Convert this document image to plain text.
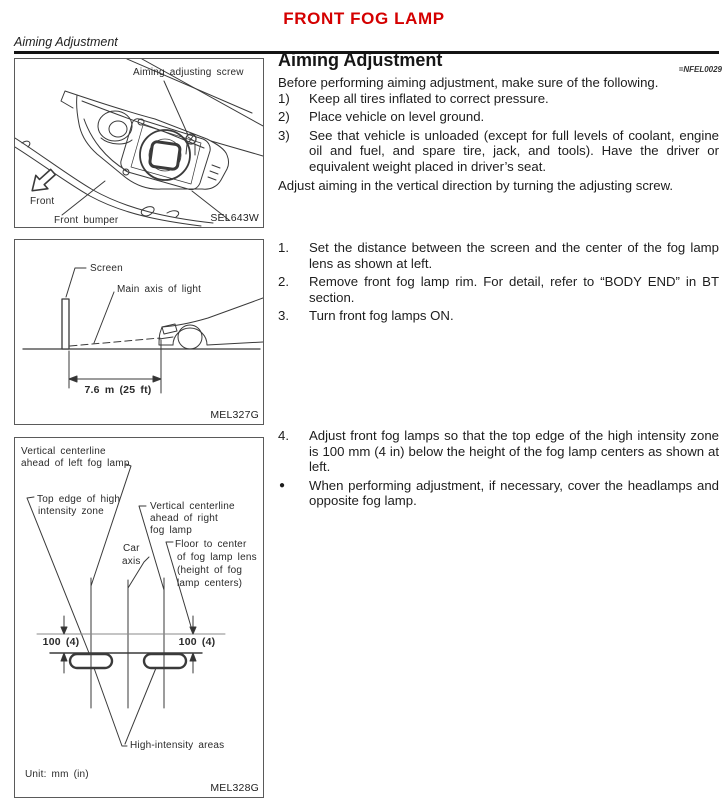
FRONT FOG LAMP
Aiming Adjustment
Aiming adjusting screw
Front
Front bumper	SEL643W
Screen
Main axis of light
7.6 m (25 ft)
MEL327G
Vertical centerline
ahead of left fog lamp
Top edge of high
intensity zone	Vertical centerline
ahead of right
fog lamp
Car
axis
Floor to center
of fog lamp lens
(height of fog
lamp centers)
100 (4)	100 (4)
High-intensity areas
Unit: mm (in)
MEL328G
Aiming Adjustment	=NFEL0029
Before performing aiming adjustment, make sure of the following.
1) Keep all tires inflated to correct pressure.
2) Place vehicle on level ground.
3) See that vehicle is unloaded (except for full levels of coolant, engine oil and fuel, and spare tire, jack, and tools). Have the driver or equivalent weight placed in driver’s seat.
Adjust aiming in the vertical direction by turning the adjusting screw.
1. Set the distance between the screen and the center of the fog lamp lens as shown at left.
2. Remove front fog lamp rim. For detail, refer to “BODY END” in BT section.
3. Turn front fog lamps ON.
4. Adjust front fog lamps so that the top edge of the high intensity zone is 100 mm (4 in) below the height of the fog lamp centers as shown at left.
● When performing adjustment, if necessary, cover the headlamps and opposite fog lamp.
